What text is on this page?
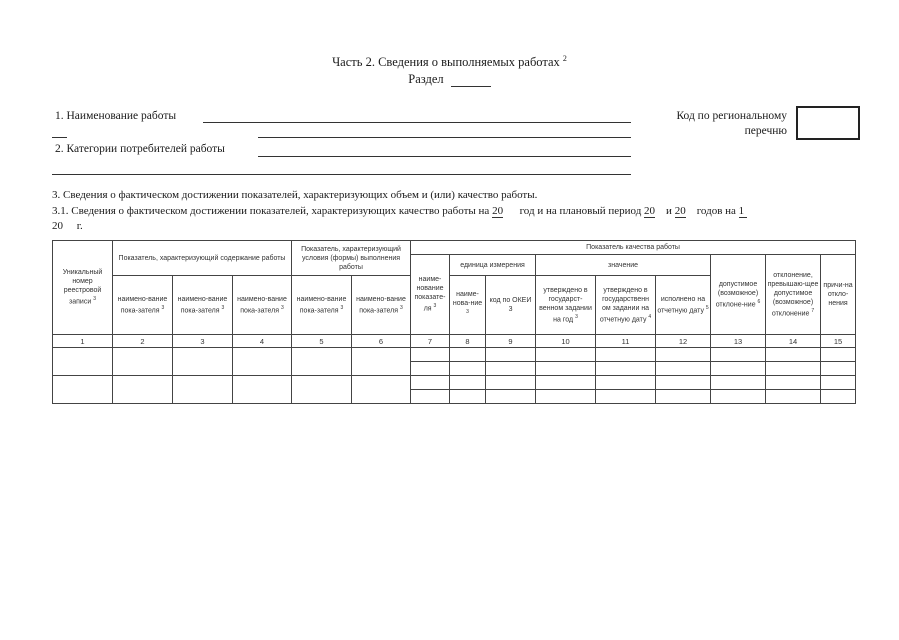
Часть 2. Сведения о выполняемых работах $^2$
Раздел
1. Наименование работы
2. Категории потребителей работы
Код по региональному
перечню
3. Сведения о фактическом достижении показателей, характеризующих объем и (или) качество работы.
3.1. Сведения о фактическом достижении показателей, характеризующих качество работы на 20 год и на плановый период 20 и 20 годов на 1
20 г.
Уникальный номер реестровой записи $^3$	Показатель, характеризующий содержание работы			Показатель, характеризующий условия (формы) выполнения работы		Показатель качества работы								
						наиме-нование показате-ля $^3$	единица измерения		значение			допустимое (возможное) отклоне-ние $^6$	отклонение, превышаю-щее допустимое (возможное) отклонение $^7$	причи-на откло-нения
	наимено-вание пока-зателя $^3$	наимено-вание пока-зателя $^3$	наимено-вание пока-зателя $^3$	наимено-вание пока-зателя $^3$	наимено-вание пока-зателя $^3$		наиме-нова-ние $^3$	код по ОКЕИ 3	утверждено в государст-венном задании на год $^3$	утверждено в государственн ом задании на отчетную дату $^4$	исполнено на отчетную дату $^5$
1	2	3	4	5	6	7	8	9	10	11	12	13	14	15
